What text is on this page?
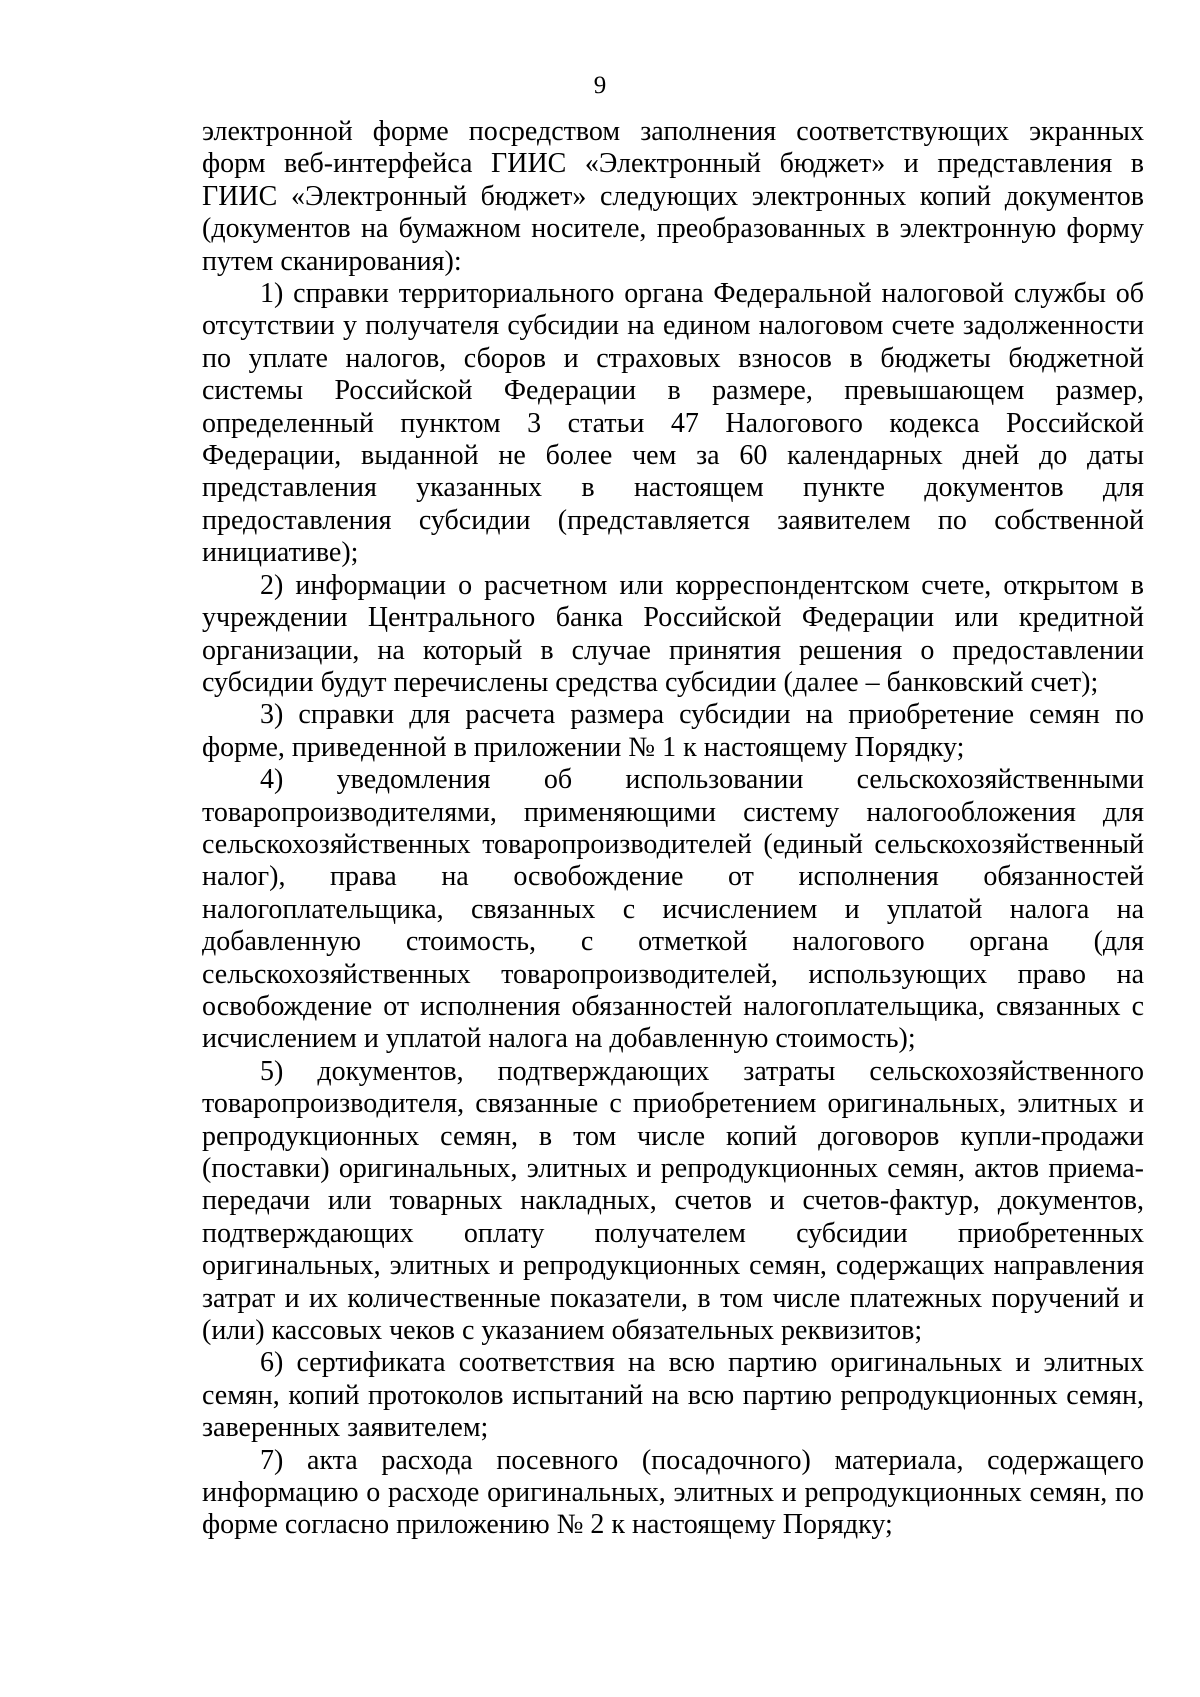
9

электронной форме посредством заполнения соответствующих экранных форм веб-интерфейса ГИИС «Электронный бюджет» и представления в ГИИС «Электронный бюджет» следующих электронных копий документов (документов на бумажном носителе, преобразованных в электронную форму путем сканирования):

1) справки территориального органа Федеральной налоговой службы об отсутствии у получателя субсидии на едином налоговом счете задолженности по уплате налогов, сборов и страховых взносов в бюджеты бюджетной системы Российской Федерации в размере, превышающем размер, определенный пунктом 3 статьи 47 Налогового кодекса Российской Федерации, выданной не более чем за 60 календарных дней до даты представления указанных в настоящем пункте документов для предоставления субсидии (представляется заявителем по собственной инициативе);

2) информации о расчетном или корреспондентском счете, открытом в учреждении Центрального банка Российской Федерации или кредитной организации, на который в случае принятия решения о предоставлении субсидии будут перечислены средства субсидии (далее – банковский счет);

3) справки для расчета размера субсидии на приобретение семян по форме, приведенной в приложении № 1 к настоящему Порядку;

4) уведомления об использовании сельскохозяйственными товаропроизводителями, применяющими систему налогообложения для сельскохозяйственных товаропроизводителей (единый сельскохозяйственный налог), права на освобождение от исполнения обязанностей налогоплательщика, связанных с исчислением и уплатой налога на добавленную стоимость, с отметкой налогового органа (для сельскохозяйственных товаропроизводителей, использующих право на освобождение от исполнения обязанностей налогоплательщика, связанных с исчислением и уплатой налога на добавленную стоимость);

5) документов, подтверждающих затраты сельскохозяйственного товаропроизводителя, связанные с приобретением оригинальных, элитных и репродукционных семян, в том числе копий договоров купли-продажи (поставки) оригинальных, элитных и репродукционных семян, актов приема-передачи или товарных накладных, счетов и счетов-фактур, документов, подтверждающих оплату получателем субсидии приобретенных оригинальных, элитных и репродукционных семян, содержащих направления затрат и их количественные показатели, в том числе платежных поручений и (или) кассовых чеков с указанием обязательных реквизитов;

6) сертификата соответствия на всю партию оригинальных и элитных семян, копий протоколов испытаний на всю партию репродукционных семян, заверенных заявителем;

7) акта расхода посевного (посадочного) материала, содержащего информацию о расходе оригинальных, элитных и репродукционных семян, по форме согласно приложению № 2 к настоящему Порядку;
